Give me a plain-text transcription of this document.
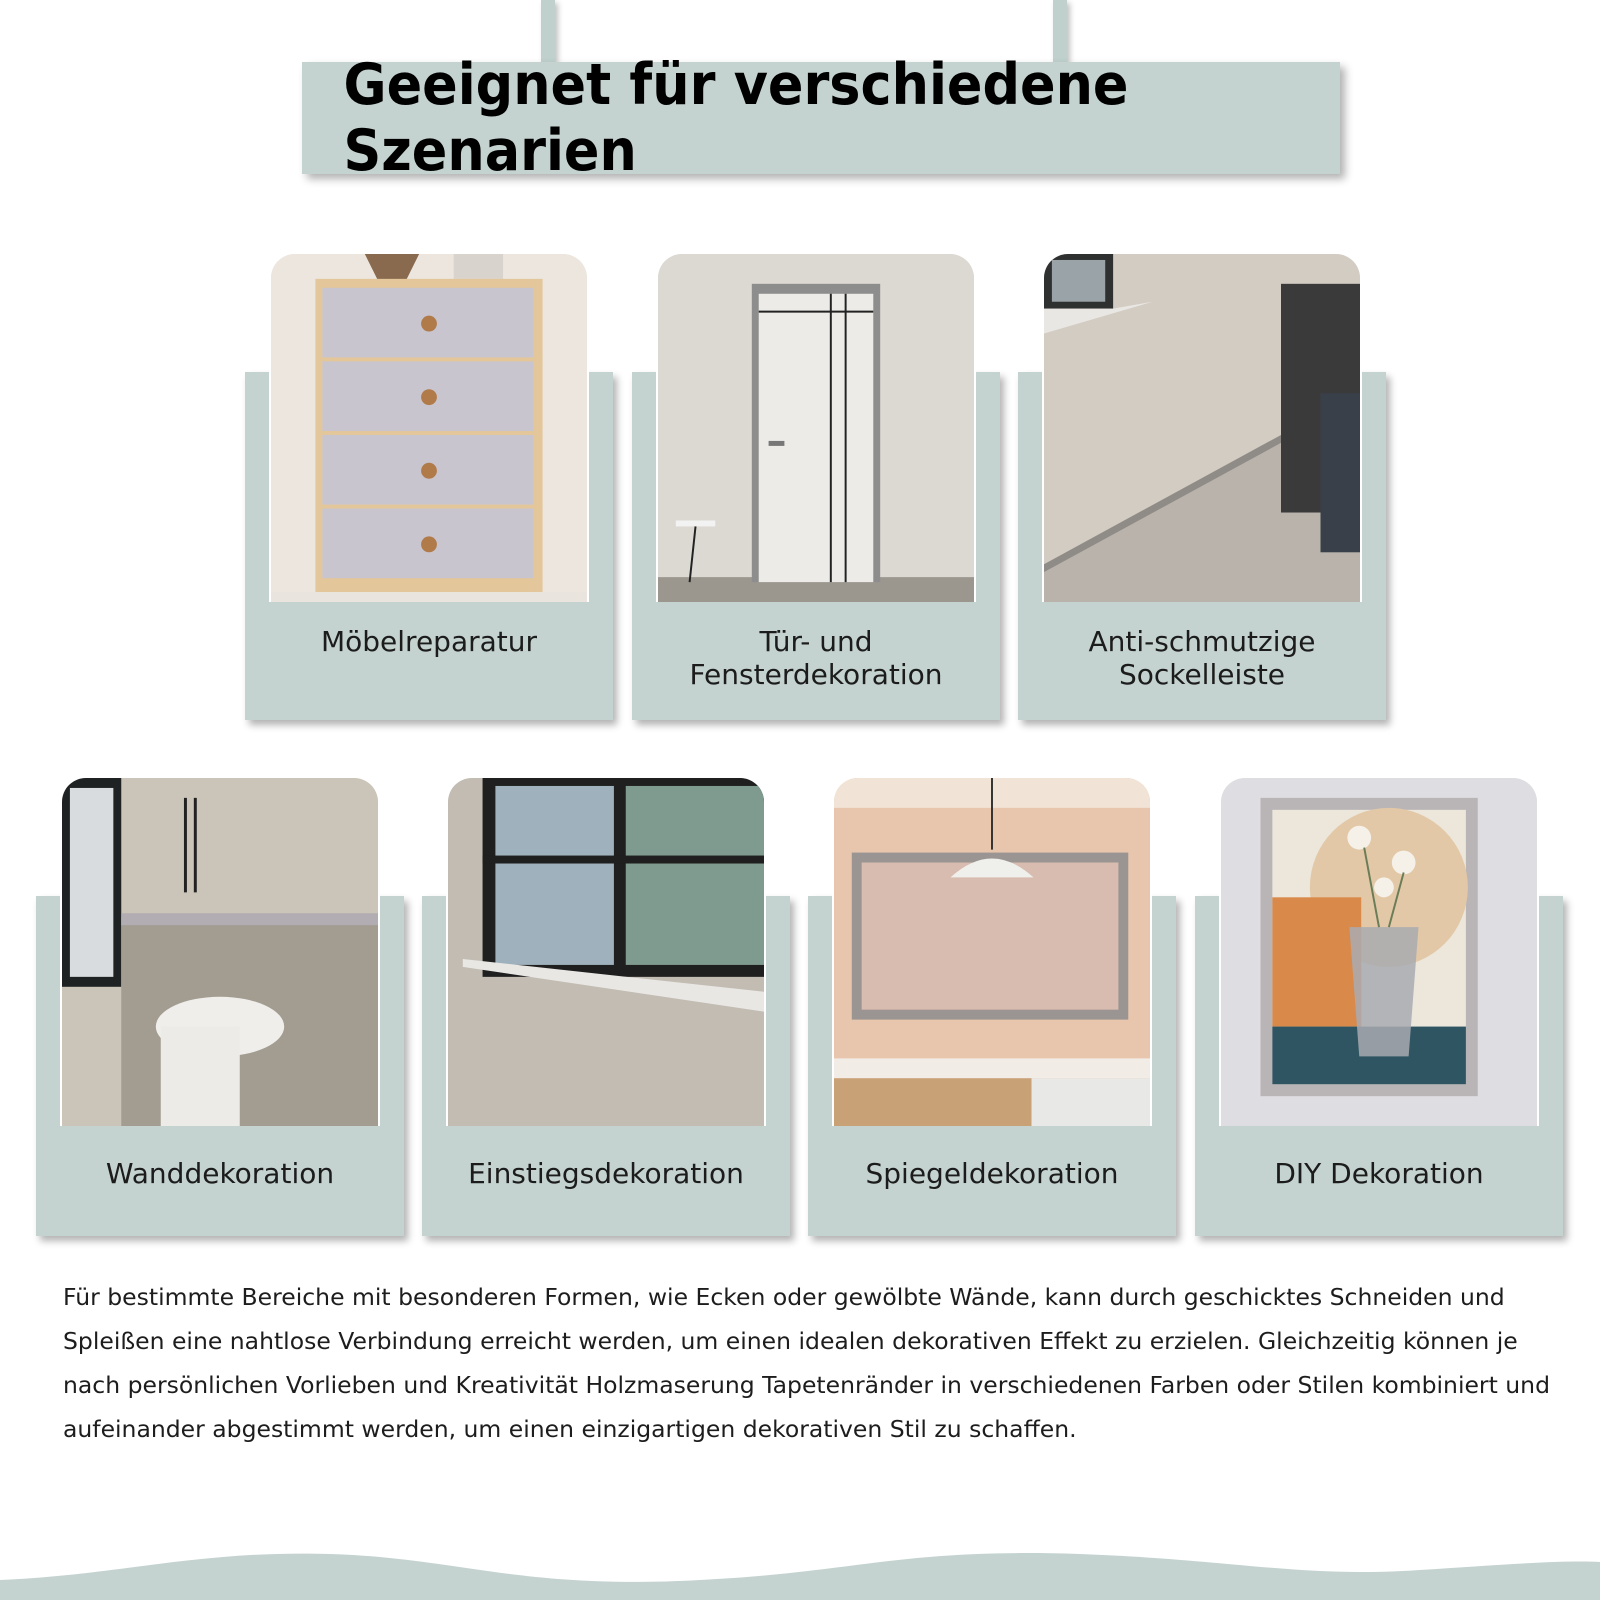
Geeignet für verschiedene Szenarien
Möbelreparatur	Tür- und
Fensterdekoration
Anti-schmutzige
Sockelleiste
Wanddekoration	Einstiegsdekoration	Spiegeldekoration	DIY Dekoration

Für bestimmte Bereiche mit besonderen Formen, wie Ecken oder gewölbte Wände, kann durch geschicktes Schneiden und Spleißen eine nahtlose Verbindung erreicht werden, um einen idealen dekorativen Effekt zu erzielen. Gleichzeitig können je nach persönlichen Vorlieben und Kreativität Holzmaserung Tapetenränder in verschiedenen Farben oder Stilen kombiniert und aufeinander abgestimmt werden, um einen einzigartigen dekorativen Stil zu schaffen.
